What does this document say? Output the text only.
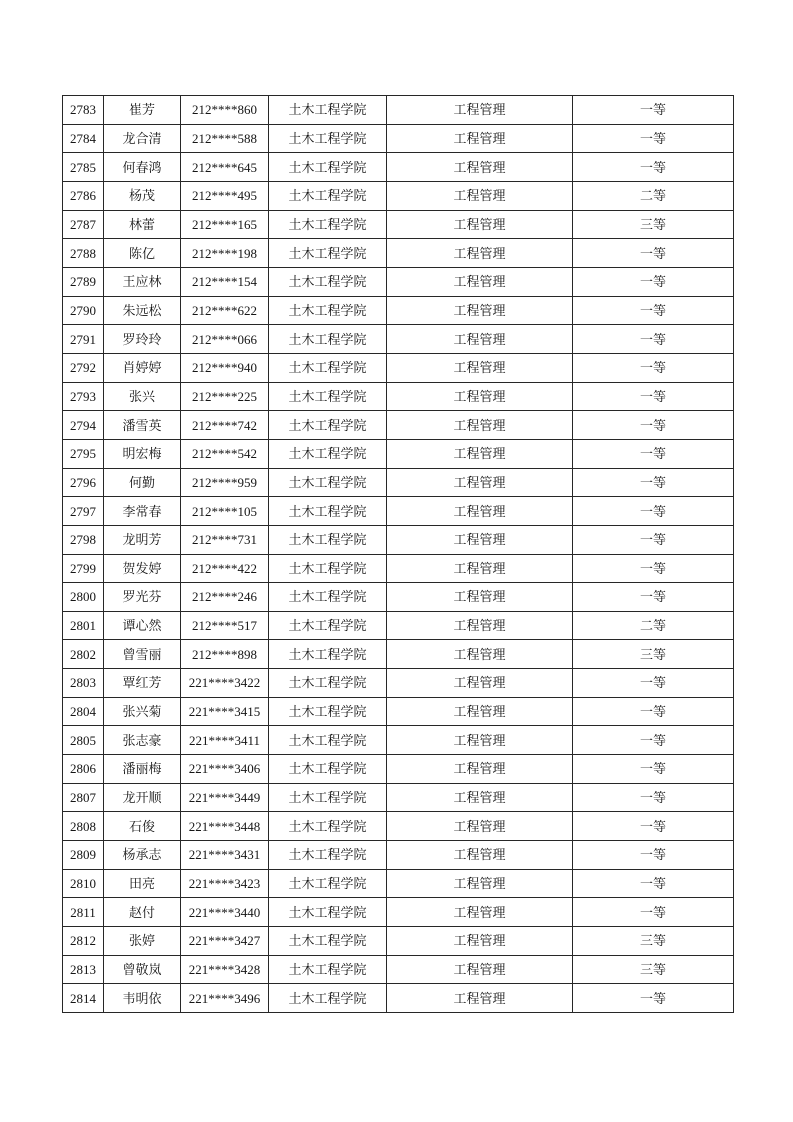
2783	崔芳	212****860	土木工程学院	工程管理	一等
2784	龙合清	212****588	土木工程学院	工程管理	一等
2785	何春鸿	212****645	土木工程学院	工程管理	一等
2786	杨茂	212****495	土木工程学院	工程管理	二等
2787	林蕾	212****165	土木工程学院	工程管理	三等
2788	陈亿	212****198	土木工程学院	工程管理	一等
2789	王应林	212****154	土木工程学院	工程管理	一等
2790	朱远松	212****622	土木工程学院	工程管理	一等
2791	罗玲玲	212****066	土木工程学院	工程管理	一等
2792	肖婷婷	212****940	土木工程学院	工程管理	一等
2793	张兴	212****225	土木工程学院	工程管理	一等
2794	潘雪英	212****742	土木工程学院	工程管理	一等
2795	明宏梅	212****542	土木工程学院	工程管理	一等
2796	何勤	212****959	土木工程学院	工程管理	一等
2797	李常春	212****105	土木工程学院	工程管理	一等
2798	龙明芳	212****731	土木工程学院	工程管理	一等
2799	贺发婷	212****422	土木工程学院	工程管理	一等
2800	罗光芬	212****246	土木工程学院	工程管理	一等
2801	谭心然	212****517	土木工程学院	工程管理	二等
2802	曾雪丽	212****898	土木工程学院	工程管理	三等
2803	覃红芳	221****3422	土木工程学院	工程管理	一等
2804	张兴菊	221****3415	土木工程学院	工程管理	一等
2805	张志豪	221****3411	土木工程学院	工程管理	一等
2806	潘丽梅	221****3406	土木工程学院	工程管理	一等
2807	龙开顺	221****3449	土木工程学院	工程管理	一等
2808	石俊	221****3448	土木工程学院	工程管理	一等
2809	杨承志	221****3431	土木工程学院	工程管理	一等
2810	田亮	221****3423	土木工程学院	工程管理	一等
2811	赵付	221****3440	土木工程学院	工程管理	一等
2812	张婷	221****3427	土木工程学院	工程管理	三等
2813	曾敬岚	221****3428	土木工程学院	工程管理	三等
2814	韦明依	221****3496	土木工程学院	工程管理	一等
